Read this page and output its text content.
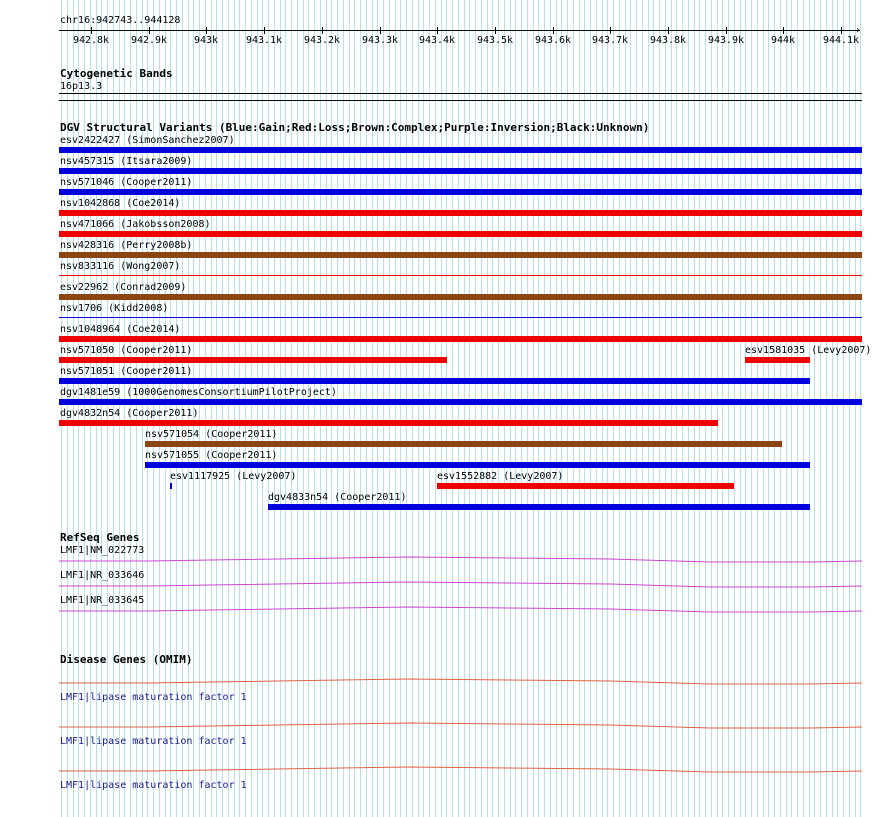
chr16:942743..944128
›
942.8k 942.9k	943k	943.1k 943.2k 943.3k 943.4k 943.5k 943.6k 943.7k 943.8k 943.9k	944k	944.1k
Cytogenetic Bands
16p13.3
DGV Structural Variants (Blue:Gain;Red:Loss;Brown:Complex;Purple:Inversion;Black:Unknown)
esv2422427 (SimonSanchez2007)
nsv457315 (Itsara2009)
nsv571046 (Cooper2011)
nsv1042868 (Coe2014)
nsv471066 (Jakobsson2008)
nsv428316 (Perry2008b)
nsv833116 (Wong2007)
esv22962 (Conrad2009)
nsv1706 (Kidd2008)
nsv1048964 (Coe2014)
nsv571050 (Cooper2011)	esv1581035 (Levy2007)
nsv571051 (Cooper2011)
dgv1481e59 (1000GenomesConsortiumPilotProject)
dgv4832n54 (Cooper2011)
nsv571054 (Cooper2011)
nsv571055 (Cooper2011)
esv1117925 (Levy2007)	esv1552882 (Levy2007)
dgv4833n54 (Cooper2011)
RefSeq Genes
LMF1|NM_022773
LMF1|NR_033646
LMF1|NR_033645
Disease Genes (OMIM)
LMF1|lipase maturation factor 1
LMF1|lipase maturation factor 1
LMF1|lipase maturation factor 1
